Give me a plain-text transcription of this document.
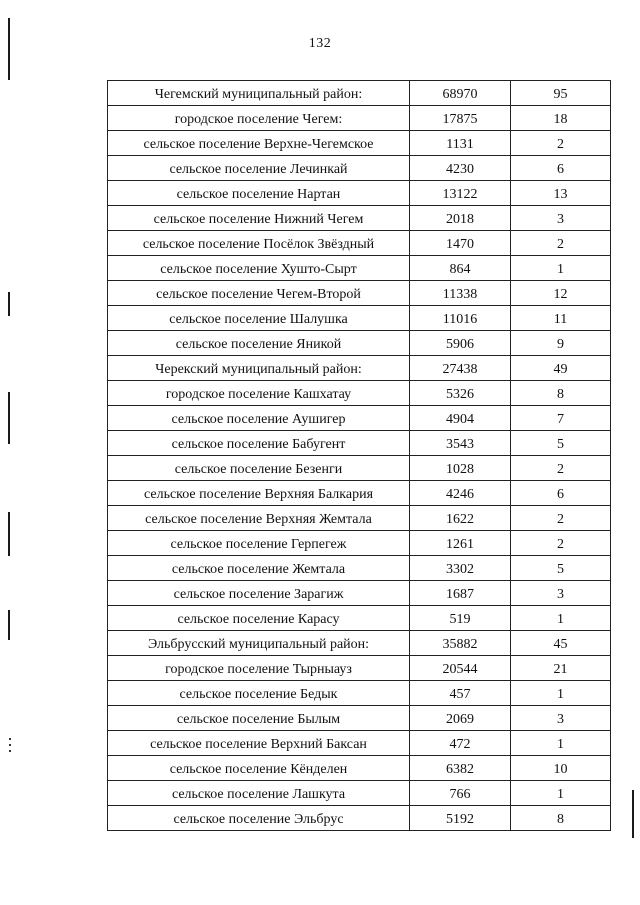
132
Чегемский муниципальный район:	68970	95
городское поселение Чегем:	17875	18
сельское поселение Верхне-Чегемское	1131	2
сельское поселение Лечинкай	4230	6
сельское поселение Нартан	13122	13
сельское поселение Нижний Чегем	2018	3
сельское поселение Посёлок Звёздный	1470	2
сельское поселение Хушто-Сырт	864	1
сельское поселение Чегем-Второй	11338	12
сельское поселение Шалушка	11016	11
сельское поселение Яникой	5906	9
Черекский муниципальный район:	27438	49
городское поселение Кашхатау	5326	8
сельское поселение Аушигер	4904	7
сельское поселение Бабугент	3543	5
сельское поселение Безенги	1028	2
сельское поселение Верхняя Балкария	4246	6
сельское поселение Верхняя Жемтала	1622	2
сельское поселение Герпегеж	1261	2
сельское поселение Жемтала	3302	5
сельское поселение Зарагиж	1687	3
сельское поселение Карасу	519	1
Эльбрусский муниципальный район:	35882	45
городское поселение Тырныауз	20544	21
сельское поселение Бедык	457	1
сельское поселение Былым	2069	3
сельское поселение Верхний Баксан	472	1
сельское поселение Кёнделен	6382	10
сельское поселение Лашкута	766	1
сельское поселение Эльбрус	5192	8
